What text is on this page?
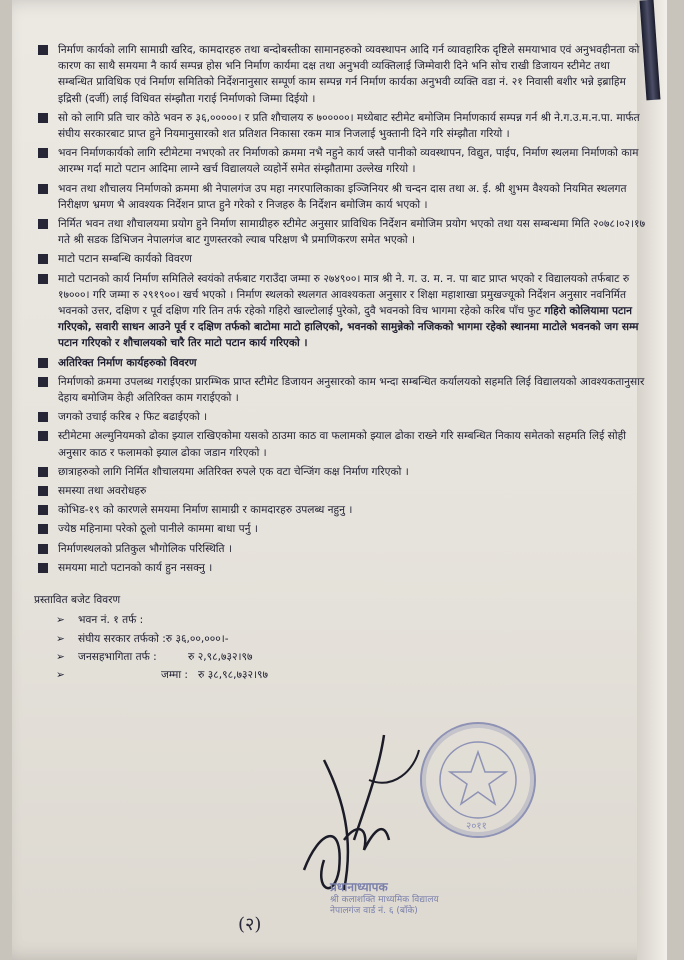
निर्माण कार्यको लागि सामाग्री खरिद, कामदारहरु तथा बन्दोबस्तीका सामानहरुको व्यवस्थापन आदि गर्न व्यावहारिक दृष्टिले समयाभाव एवं अनुभवहीनता को कारण का साथै समयमा नै कार्य सम्पन्न होस भनि निर्माण कार्यमा दक्ष तथा अनुभवी व्यक्तिलाई जिम्मेवारी दिने भनि सोच राखी डिजायन स्टीमेट तथा सम्बन्धित प्राविधिक एवं निर्माण समितिको निर्देशनानुसार सम्पूर्ण काम सम्पन्न गर्न निर्माण कार्यका अनुभवी व्यक्ति वडा नं. २१ निवासी बशीर भन्ने इब्राहिम इद्रिसी (दर्जी) लाई विधिवत संम्झौता गराई निर्माणको जिम्मा दिईयो ।

सो को लागि प्रति चार कोठे भवन रु ३६,०००००। र प्रति शौचालय रु ७०००००। मध्येबाट स्टीमेट बमोजिम निर्माणकार्य सम्पन्न गर्न श्री ने.ग.उ.म.न.पा. मार्फत संघीय सरकारबाट प्राप्त हुने नियमानुसारको शत प्रतिशत निकासा रकम मात्र निजलाई भुक्तानी दिने गरि संम्झौता गरियो ।

भवन निर्माणकार्यको लागि स्टीमेटमा नभएको तर निर्माणको क्रममा नभै नहुने कार्य जस्तै पानीको व्यवस्थापन, विद्युत, पाईप, निर्माण स्थलमा निर्माणको काम आरम्भ गर्दा माटो पटान आदिमा लाग्ने खर्च विद्यालयले व्यहोर्ने समेत संम्झौतामा उल्लेख गरियो ।

भवन तथा शौचालय निर्माणको क्रममा श्री नेपालगंज उप महा नगरपालिकाका इञ्जिनियर श्री चन्दन दास तथा अ. ई. श्री शुभम वैश्यको नियमित स्थलगत निरीक्षण भ्रमण भै आवश्यक निर्देशन प्राप्त हुने गरेको र निजहरु कै निर्देशन बमोजिम कार्य भएको ।

निर्मित भवन तथा शौचालयमा प्रयोग हुने निर्माण सामाग्रीहरु स्टीमेट अनुसार प्राविधिक निर्देशन बमोजिम प्रयोग भएको तथा यस सम्बन्धमा मिति २०७८।०२।१७ गते श्री सडक डिभिजन नेपालगंज बाट गुणस्तरको ल्याब परिक्षण भै प्रमाणिकरण समेत भएको ।

माटो पटान सम्बन्धि कार्यको विवरण

माटो पटानको कार्य निर्माण समितिले स्वयंको तर्फबाट गराउँदा जम्मा रु २७४९००। मात्र श्री ने. ग. उ. म. न. पा बाट प्राप्त भएको र विद्यालयको तर्फबाट रु १७०००। गरि जम्मा रु २९१९००। खर्च भएको । निर्माण स्थलको स्थलगत आवश्यकता अनुसार र शिक्षा महाशाखा प्रमुखज्यूको निर्देशन अनुसार नवनिर्मित भवनको उत्तर, दक्षिण र पूर्व दक्षिण गरि तिन तर्फ रहेको गहिरो खाल्टोलाई पुरेको, दुवै भवनको विच भागमा रहेको करिब पाँच फुट गहिरो कोलियामा पटान गरिएको, सवारी साधन आउने पूर्व र दक्षिण तर्फको बाटोमा माटो हालिएको, भवनको सामुन्नेको नजिकको भागमा रहेको स्थानमा माटोले भवनको जग सम्म पटान गरिएको र शौचालयको चारै तिर माटो पटान कार्य गरिएको ।

अतिरिक्त निर्माण कार्यहरुको विवरण

निर्माणको क्रममा उपलब्ध गराईएका प्रारम्भिक प्राप्त स्टीमेट डिजायन अनुसारको काम भन्दा सम्बन्धित कर्यालयको सहमति लिई विद्यालयको आवश्यकतानुसार देहाय बमोजिम केही अतिरिक्त काम गराईएको ।

जगको उचाई करिब २ फिट बढाईएको ।

स्टीमेटमा अल्मुनियमको ढोका झ्याल राखिएकोमा यसको ठाउमा काठ वा फलामको झ्याल ढोका राख्ने गरि सम्बन्धित निकाय समेतको सहमति लिई सोही अनुसार काठ र फलामको झ्याल ढोका जडान गरिएको ।

छात्राहरुको लागि निर्मित शौचालयमा अतिरिक्त रुपले एक वटा चेन्जिंग कक्ष निर्माण गरिएको ।

समस्या तथा अवरोधहरु

कोभिड-१९ को कारणले समयमा निर्माण सामाग्री र कामदारहरु उपलब्ध नहुनु ।

ज्येष्ठ महिनामा परेको ठूलो पानीले काममा बाधा पर्नु ।

निर्माणस्थलको प्रतिकुल भौगोलिक परिस्थिति ।

समयमा माटो पटानको कार्य हुन नसक्नु ।

प्रस्तावित बजेट विवरण
➢	भवन नं. १ तर्फ :
➢	संघीय सरकार तर्फको :रु ३६,००,०००।-
➢	जनसहभागिता तर्फ :	रु २,९८,७३२।९७
➢	जम्मा : रु ३८,९८,७३२।९७
२०११
प्रधानाध्यापक
श्री कलाशक्ति माध्यमिक विद्यालय
नेपालगंज वार्ड नं. ६ (बाँके)
(२)
